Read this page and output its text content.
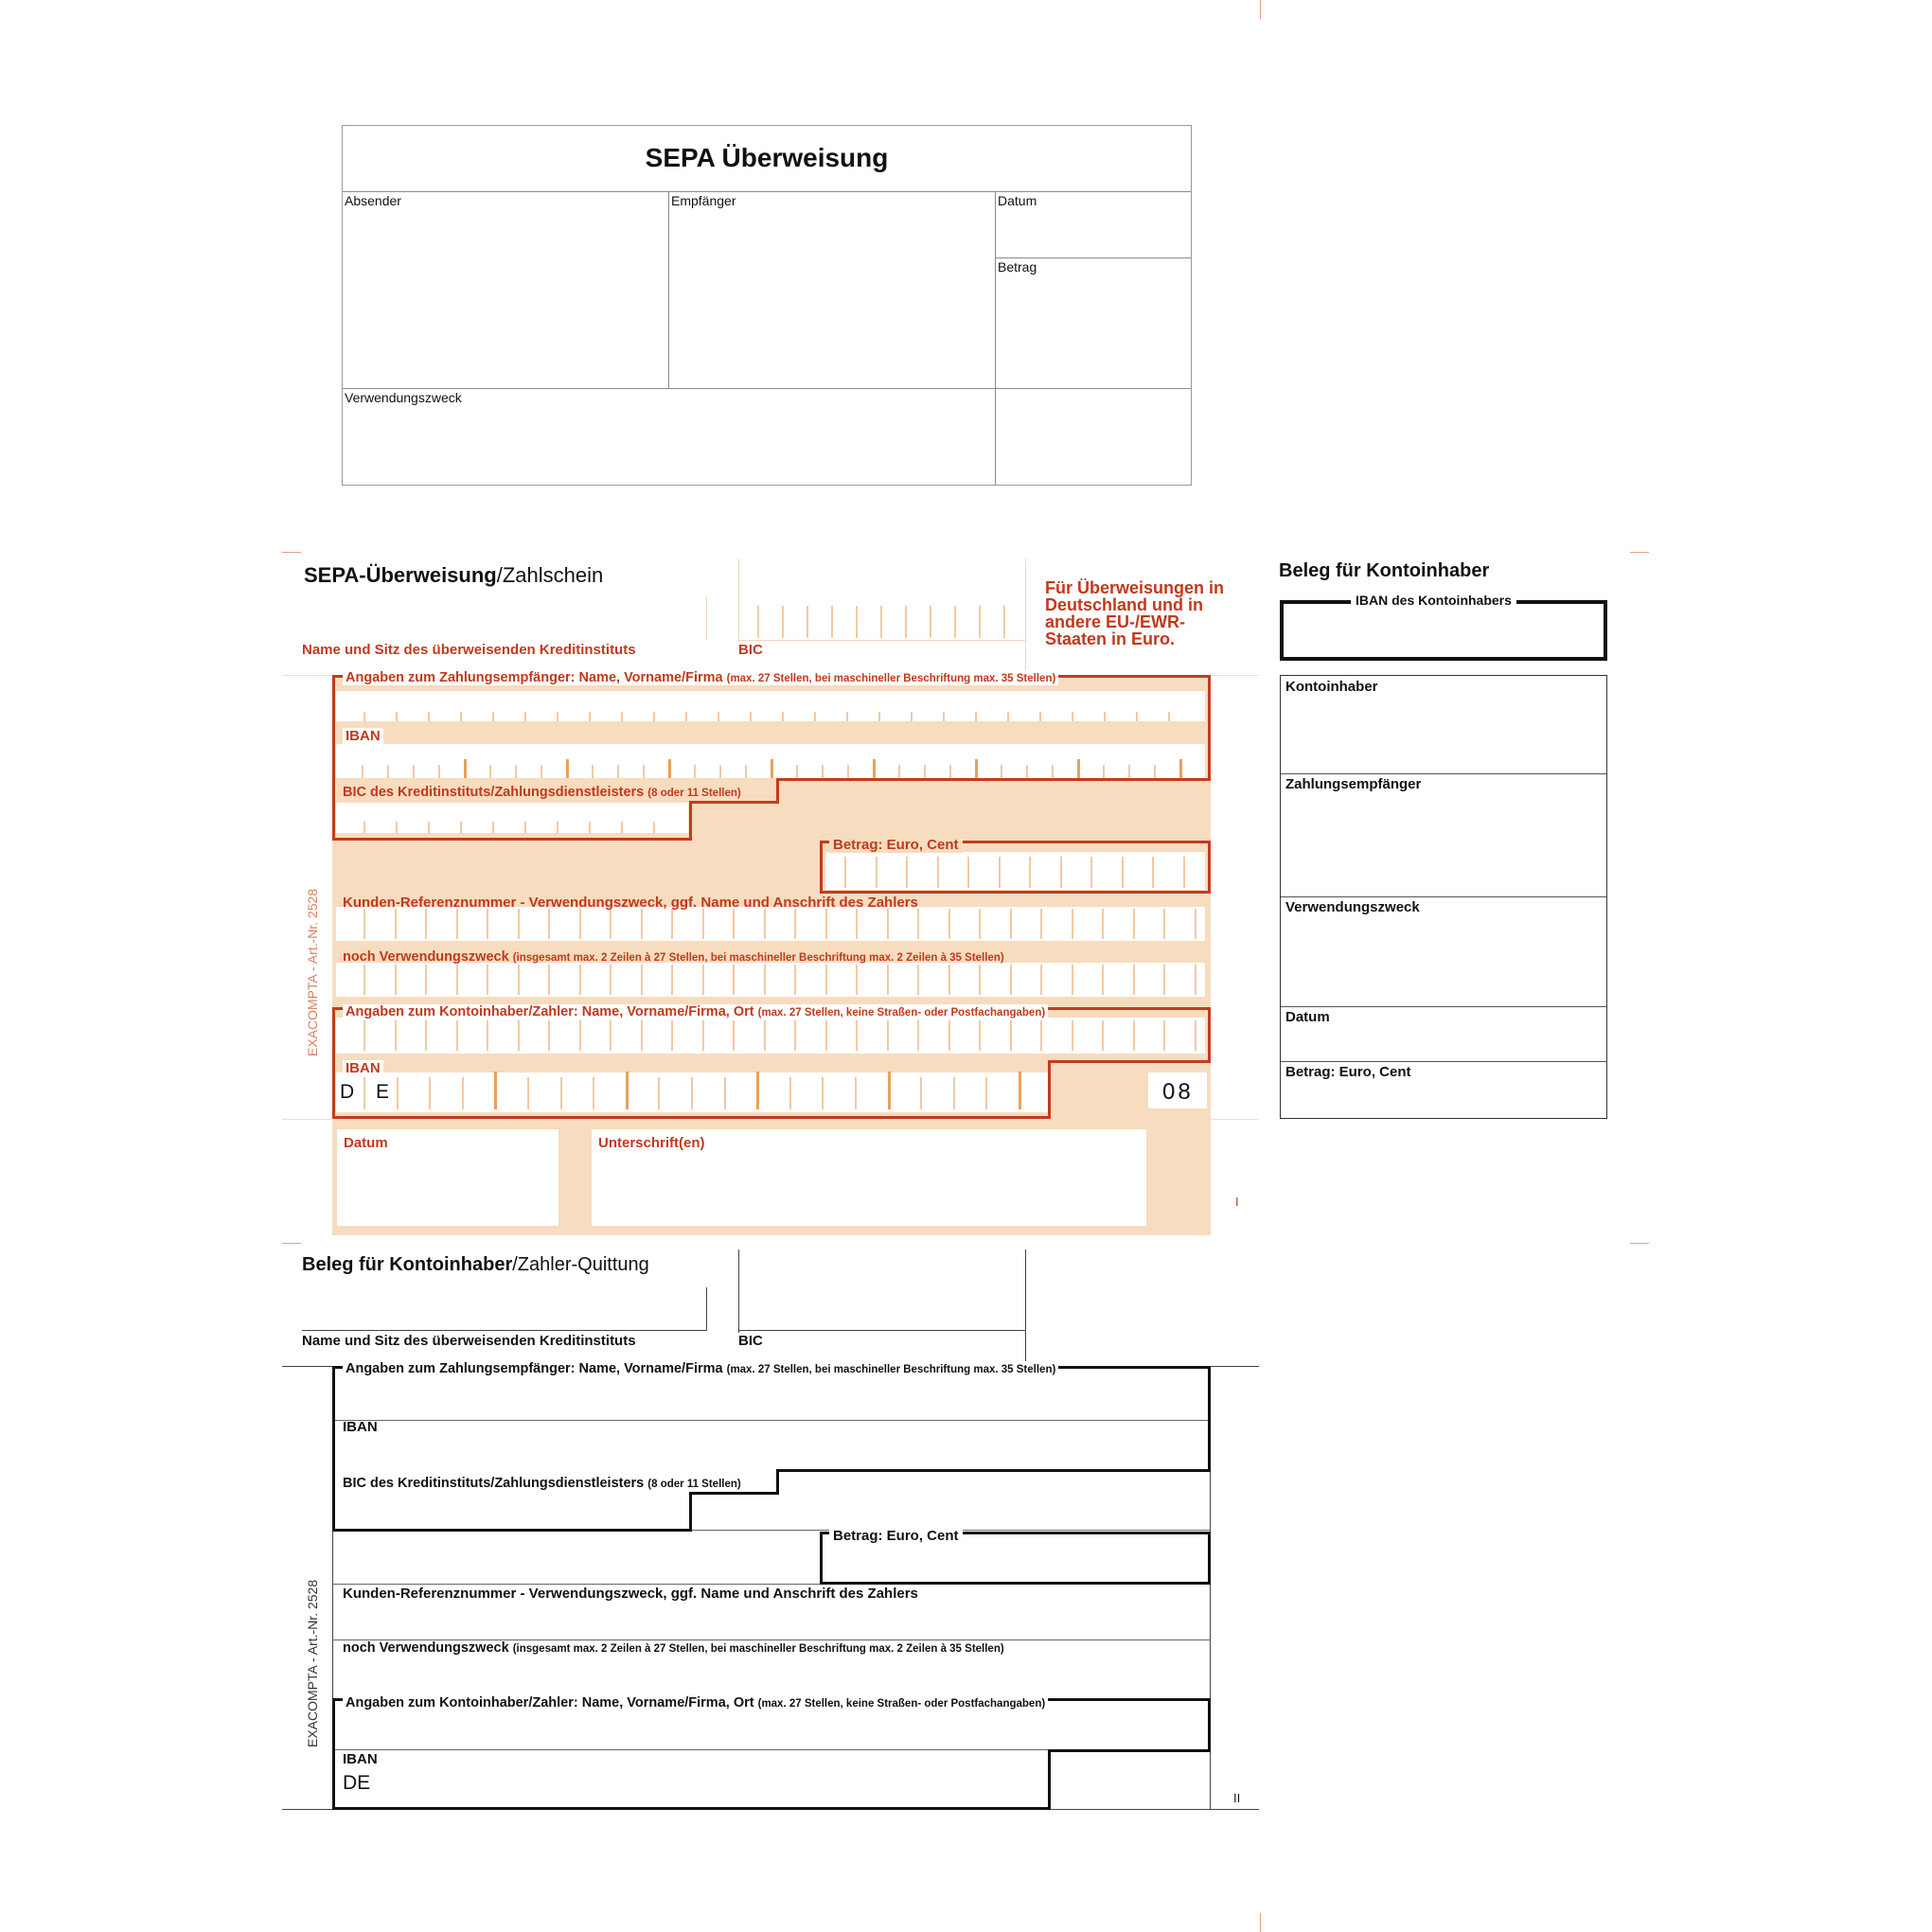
SEPA Überweisung
Absender	Empfänger	Datum
Betrag
Verwendungszweck
SEPA-Überweisung/Zahlschein
Name und Sitz des überweisenden Kreditinstituts	BIC
Für Überweisungen in Deutschland und in andere EU-/EWR-Staaten in Euro.
Angaben zum Zahlungsempfänger: Name, Vorname/Firma (max. 27 Stellen, bei maschineller Beschriftung max. 35 Stellen)
IBAN
BIC des Kreditinstituts/Zahlungsdienstleisters (8 oder 11 Stellen)
Betrag: Euro, Cent
Kunden-Referenznummer - Verwendungszweck, ggf. Name und Anschrift des Zahlers
noch Verwendungszweck (insgesamt max. 2 Zeilen à 27 Stellen, bei maschineller Beschriftung max. 2 Zeilen à 35 Stellen)
Angaben zum Kontoinhaber/Zahler: Name, Vorname/Firma, Ort (max. 27 Stellen, keine Straßen- oder Postfachangaben)
IBAN
D E	08
Datum	Unterschrift(en)
EXACOMPTA - Art.-Nr. 2528
I
Beleg für Kontoinhaber
IBAN des Kontoinhabers
Kontoinhaber
Zahlungsempfänger
Verwendungszweck
Datum
Betrag: Euro, Cent
Beleg für Kontoinhaber/Zahler-Quittung
Name und Sitz des überweisenden Kreditinstituts	BIC
Angaben zum Zahlungsempfänger: Name, Vorname/Firma (max. 27 Stellen, bei maschineller Beschriftung max. 35 Stellen)
IBAN
BIC des Kreditinstituts/Zahlungsdienstleisters (8 oder 11 Stellen)
Betrag: Euro, Cent
Kunden-Referenznummer - Verwendungszweck, ggf. Name und Anschrift des Zahlers
noch Verwendungszweck (insgesamt max. 2 Zeilen à 27 Stellen, bei maschineller Beschriftung max. 2 Zeilen à 35 Stellen)
Angaben zum Kontoinhaber/Zahler: Name, Vorname/Firma, Ort (max. 27 Stellen, keine Straßen- oder Postfachangaben)
IBAN
DE
EXACOMPTA - Art.-Nr. 2528
II
